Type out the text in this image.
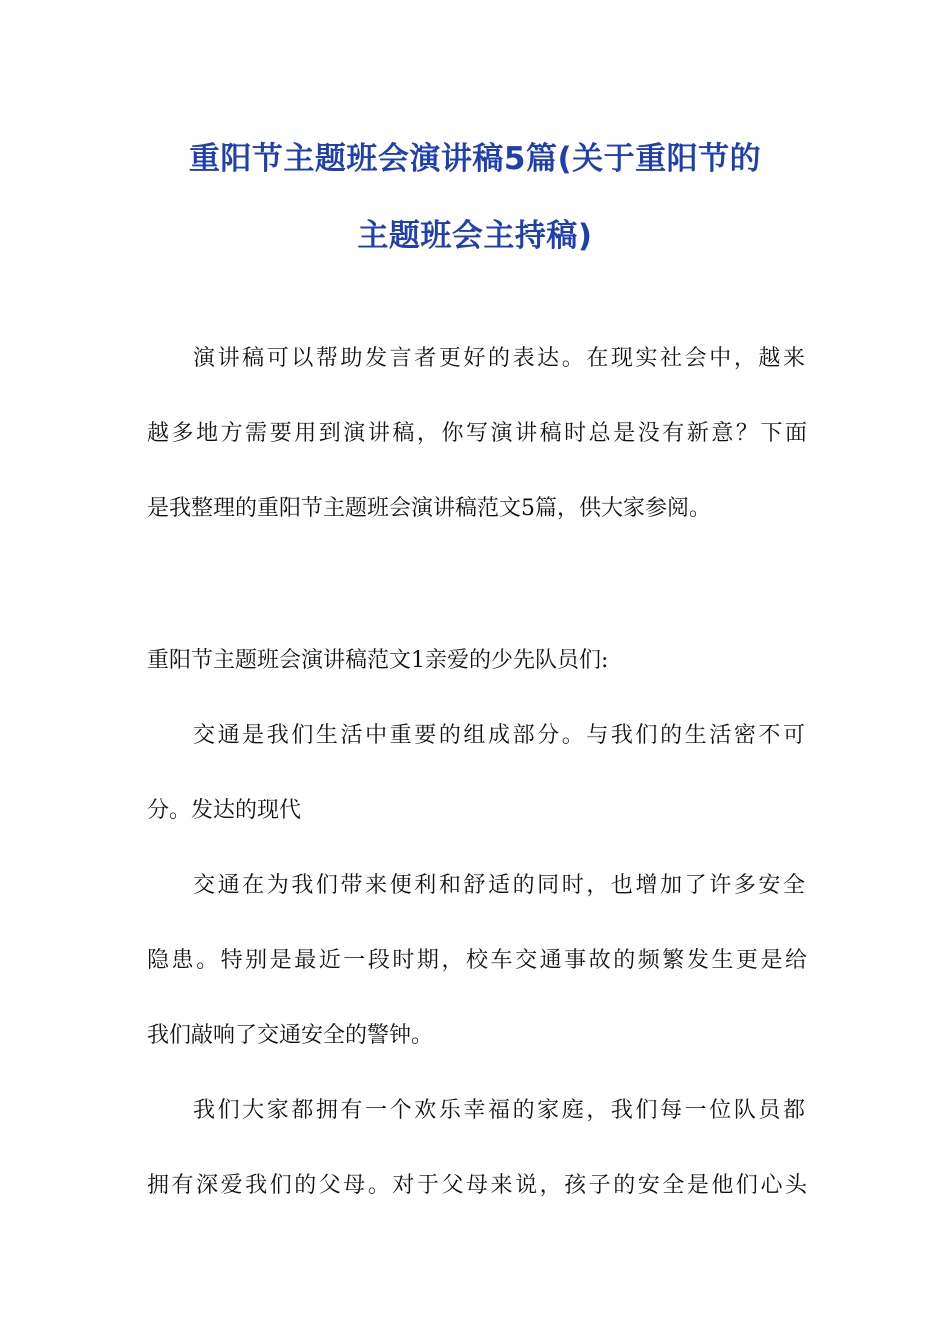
重阳节主题班会演讲稿5篇(关于重阳节的
主题班会主持稿)
演讲稿可以帮助发言者更好的表达。在现实社会中，越来
越多地方需要用到演讲稿，你写演讲稿时总是没有新意？下面
是我整理的重阳节主题班会演讲稿范文5篇，供大家参阅。
重阳节主题班会演讲稿范文1亲爱的少先队员们:
交通是我们生活中重要的组成部分。与我们的生活密不可
分。发达的现代
交通在为我们带来便利和舒适的同时，也增加了许多安全
隐患。特别是最近一段时期，校车交通事故的频繁发生更是给
我们敲响了交通安全的警钟。
我们大家都拥有一个欢乐幸福的家庭，我们每一位队员都
拥有深爱我们的父母。对于父母来说，孩子的安全是他们心头
